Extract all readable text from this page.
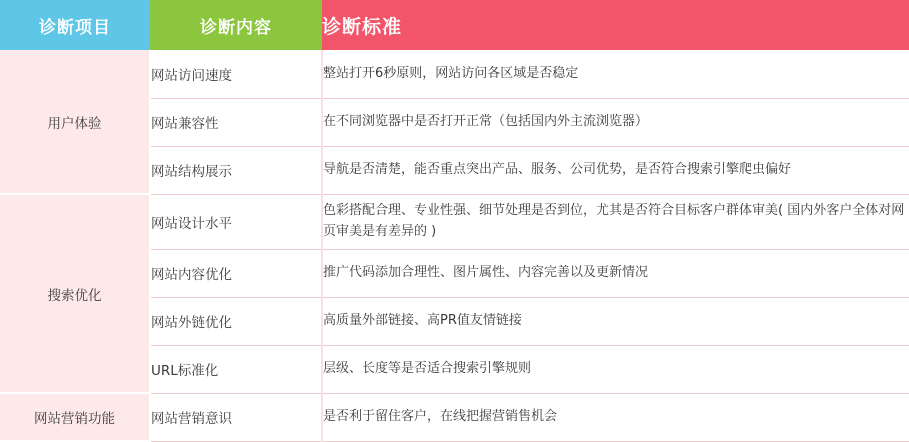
诊断项目	诊断内容	诊断标准
用户体验	网站访问速度	整站打开6秒原则，网站访问各区域是否稳定
	网站兼容性	在不同浏览器中是否打开正常（包括国内外主流浏览器）
	网站结构展示	导航是否清楚，能否重点突出产品、服务、公司优势，是否符合搜索引擎爬虫偏好
搜索优化	网站设计水平	色彩搭配合理、专业性强、细节处理是否到位，尤其是否符合目标客户群体审美( 国内外客户全体对网页审美是有差异的 )
	网站内容优化	推广代码添加合理性、图片属性、内容完善以及更新情况
	网站外链优化	高质量外部链接、高PR值友情链接
	URL标准化	层级、长度等是否适合搜索引擎规则
网站营销功能	网站营销意识	是否利于留住客户，在线把握营销售机会
